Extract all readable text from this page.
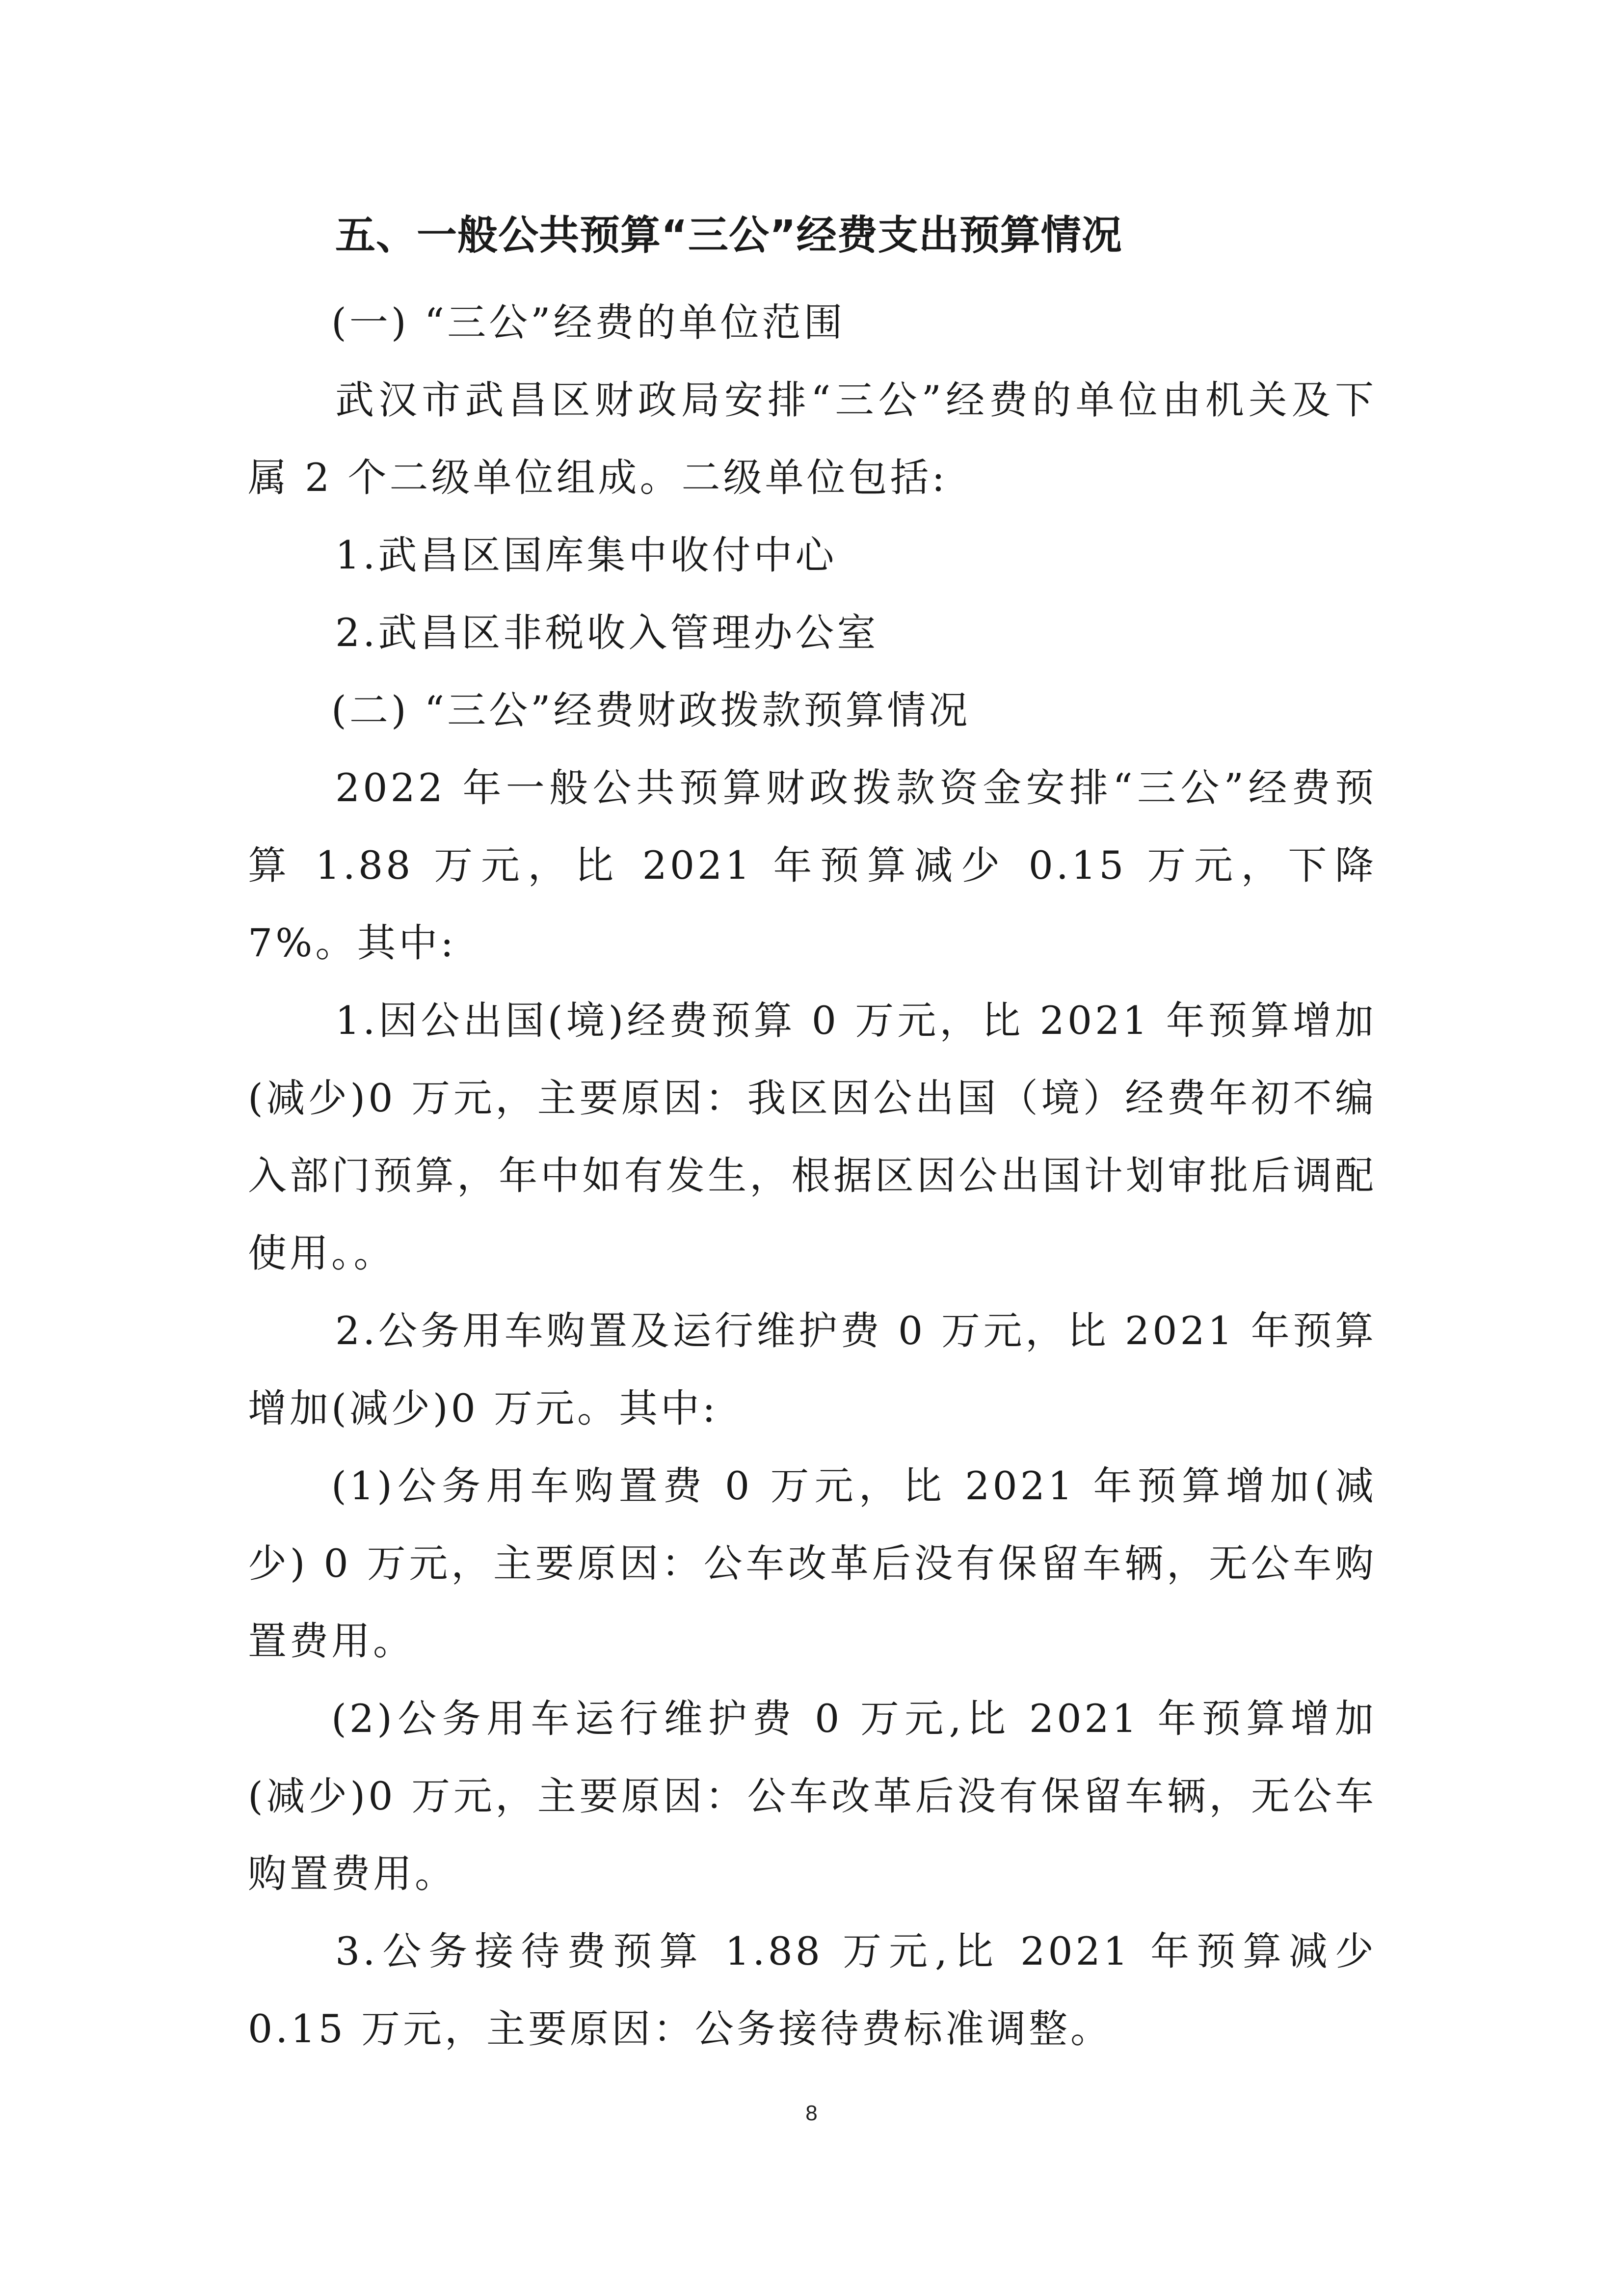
五、一般公共预算“三公”经费支出预算情况

(一) “三公”经费的单位范围

武汉市武昌区财政局安排“三公”经费的单位由机关及下属 2 个二级单位组成。二级单位包括:

1.武昌区国库集中收付中心

2.武昌区非税收入管理办公室

(二) “三公”经费财政拨款预算情况

2022 年一般公共预算财政拨款资金安排“三公”经费预算 1.88 万元，比 2021 年预算减少 0.15 万元，下降 7%。其中:

1.因公出国(境)经费预算 0 万元，比 2021 年预算增加(减少)0 万元，主要原因：我区因公出国（境）经费年初不编入部门预算，年中如有发生，根据区因公出国计划审批后调配使用。。

2.公务用车购置及运行维护费 0 万元，比 2021 年预算增加(减少)0 万元。其中:

(1)公务用车购置费 0 万元，比 2021 年预算增加(减少) 0 万元，主要原因：公车改革后没有保留车辆，无公车购置费用。

(2)公务用车运行维护费 0 万元,比 2021 年预算增加(减少)0 万元，主要原因：公车改革后没有保留车辆，无公车购置费用。

3.公务接待费预算 1.88 万元,比 2021 年预算减少 0.15 万元，主要原因：公务接待费标准调整。

8
